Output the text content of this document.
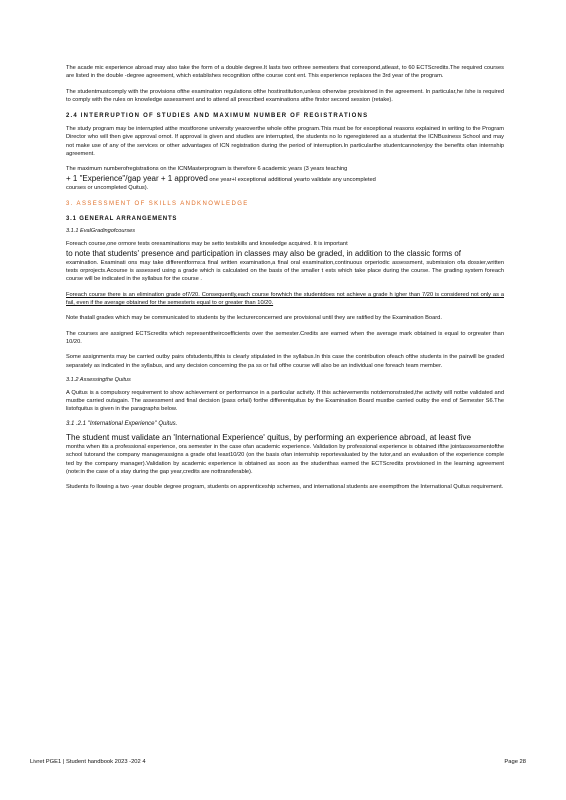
The acade mic experience abroad may also take the form of a double degree.It lasts two orthree semesters that correspond,atleast, to 60 ECTScredits.The required courses are listed in the double -degree agreement, which establishes recognition ofthe course cont ent. This experience replaces the 3rd year of the program.

The studentmustcomply with the provisions ofthe examination regulations ofthe hostinstitution,unless otherwise provisioned in the agreement. In particular,he /she is required to comply with the rules on knowledge assessment and to attend all prescribed examinations atthe firstor second session (retake).

2.4 INTERRUPTION OF STUDIES AND MAXIMUM NUMBER OF REGISTRATIONS

The study program may be interrupted atthe mostforone university yearoverthe whole ofthe program.This must be for exceptional reasons explained in writing to the Program Director who will then give approval ornot. If approval is given and studies are interrupted, the students no lo ngeregistered as a studentat the ICNBusiness School and may not make use of any of the services or other advantages of ICN registration during the period of interruption.In particularthe studentcannotenjoy the benefits ofan internship agreement.

The maximum numberofregistrations on the ICNMasterprogram is therefore 6 academic years (3 years teaching
+ 1 "Experience"/gap year + 1 approved one year+l exceptional additional yearto validate any uncompleted
courses or uncompleted Quitus).

3. ASSESSMENT OF SKILLS ANDKNOWLEDGE
3.1 GENERAL ARRANGEMENTS
3.1.1 EvalGradingofcourses

Foreach course,one ormore tests orexaminations may be setto testskills and knowledge acquired. It is important
to note that students' presence and participation in classes may also be graded, in addition to the classic forms of
examination. Examinati ons may take differentforms:a final written examination,a final oral examination,continuous orperiodic assessment, submission ofa dossier,written tests orprojects.Acourse is assessed using a grade which is calculated on the basis of the smaller t ests which take place during the course. The grading system foreach course will be indicated in the syllabus for the course .

Foreach course there is an elimination grade of7/20. Consequently,each course forwhich the studentdoes not achieve a grade h igher than 7/20 is considered not only as a fail, even if the average obtained for the semesteris equal to or greater than 10/20.

Note thatall grades which may be communicated to students by the lecturerconcerned are provisional until they are ratified by the Examination Board.

The courses are assigned ECTScredits which representtheircoefficients over the semester.Credits are earned when the average mark obtained is equal to orgreater than 10/20.

Some assignments may be carried outby pairs ofstudents,ifthis is clearly stipulated in the syllabus.In this case the contribution ofeach ofthe students in the pairwill be graded separately as indicated in the syllabus, and any decision concerning the pa ss or fail ofthe course will also be an individual one foreach team member.

3.1.2 Assessingthe Quitus

A Quitus is a compulsory requirement to show achievement or performance in a particular activity. If this achievementis notdemonstrated,the activity will notbe validated and mustbe carried outagain. The assessment and final decision (pass orfail) forthe differentquitus by the Examination Board mustbe carried outby the end of Semester S6.The listofquitus is given in the paragraphs below.

3.1 .2.1 "International Experience" Quitus.

The student must validate an 'International Experience' quitus, by performing an experience abroad, at least five
months when itis a professional experience, ora semester in the case ofan academic experience. Validation by professional experience is obtained ifthe jointassessmentofthe school tutorand the company managerassigns a grade ofat least10/20 (on the basis ofan internship reportevaluated by the tutor,and an evaluation of the experience comple ted by the company manager).Validation by academic experience is obtained as soon as the studenthas earned the ECTScredits provisioned in the learning agreement (note:in the case of a stay during the gap year,credits are nottransferable).

Students fo llowing a two -year double degree program, students on apprenticeship schemes, and international students are exemptfrom the International Quitus requirement.

Livret PGE1 | Student handbook 2023 -202 4	Page 28
